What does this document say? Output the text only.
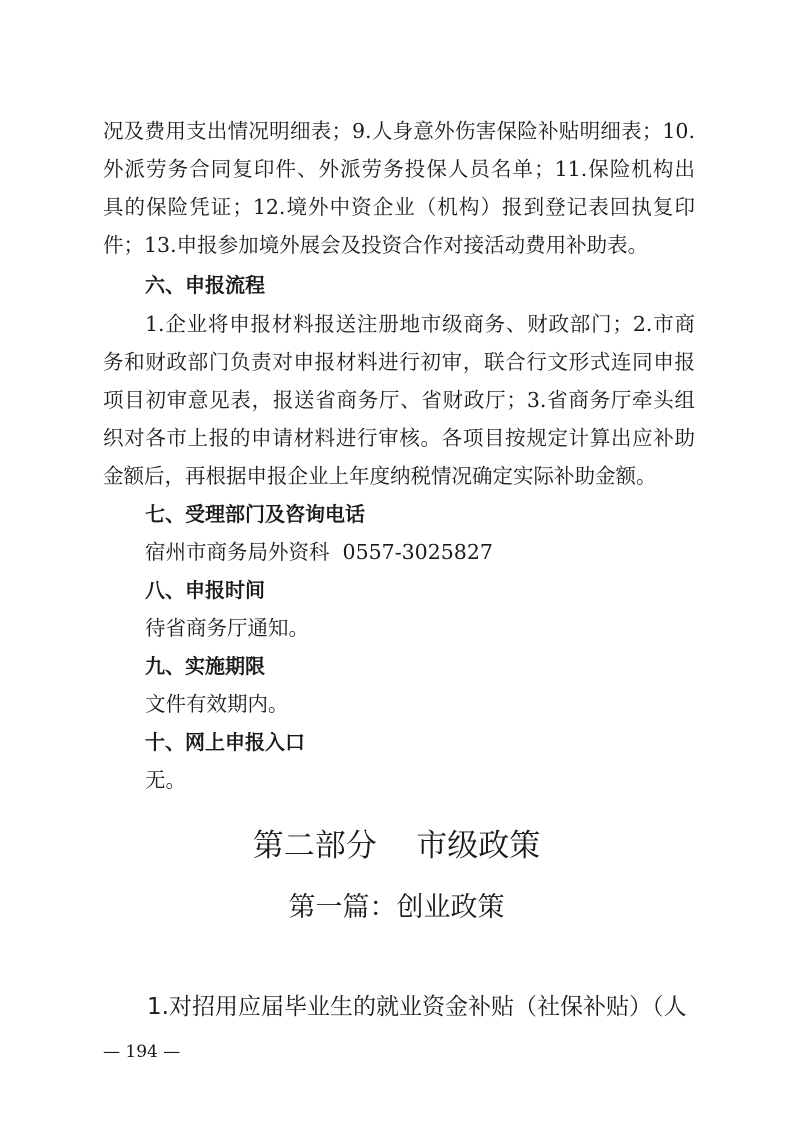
况及费用支出情况明细表；9.人身意外伤害保险补贴明细表；10.
外派劳务合同复印件、外派劳务投保人员名单；11.保险机构出
具的保险凭证；12.境外中资企业（机构）报到登记表回执复印
件；13.申报参加境外展会及投资合作对接活动费用补助表。
六、申报流程
1.企业将申报材料报送注册地市级商务、财政部门；2.市商
务和财政部门负责对申报材料进行初审，联合行文形式连同申报
项目初审意见表，报送省商务厅、省财政厅；3.省商务厅牵头组
织对各市上报的申请材料进行审核。各项目按规定计算出应补助
金额后，再根据申报企业上年度纳税情况确定实际补助金额。
七、受理部门及咨询电话
宿州市商务局外资科  0557-3025827
八、申报时间
待省商务厅通知。
九、实施期限
文件有效期内。
十、网上申报入口
无。
第二部分    市级政策
第一篇：创业政策
1.对招用应届毕业生的就业资金补贴（社保补贴）（人
— 194 —
